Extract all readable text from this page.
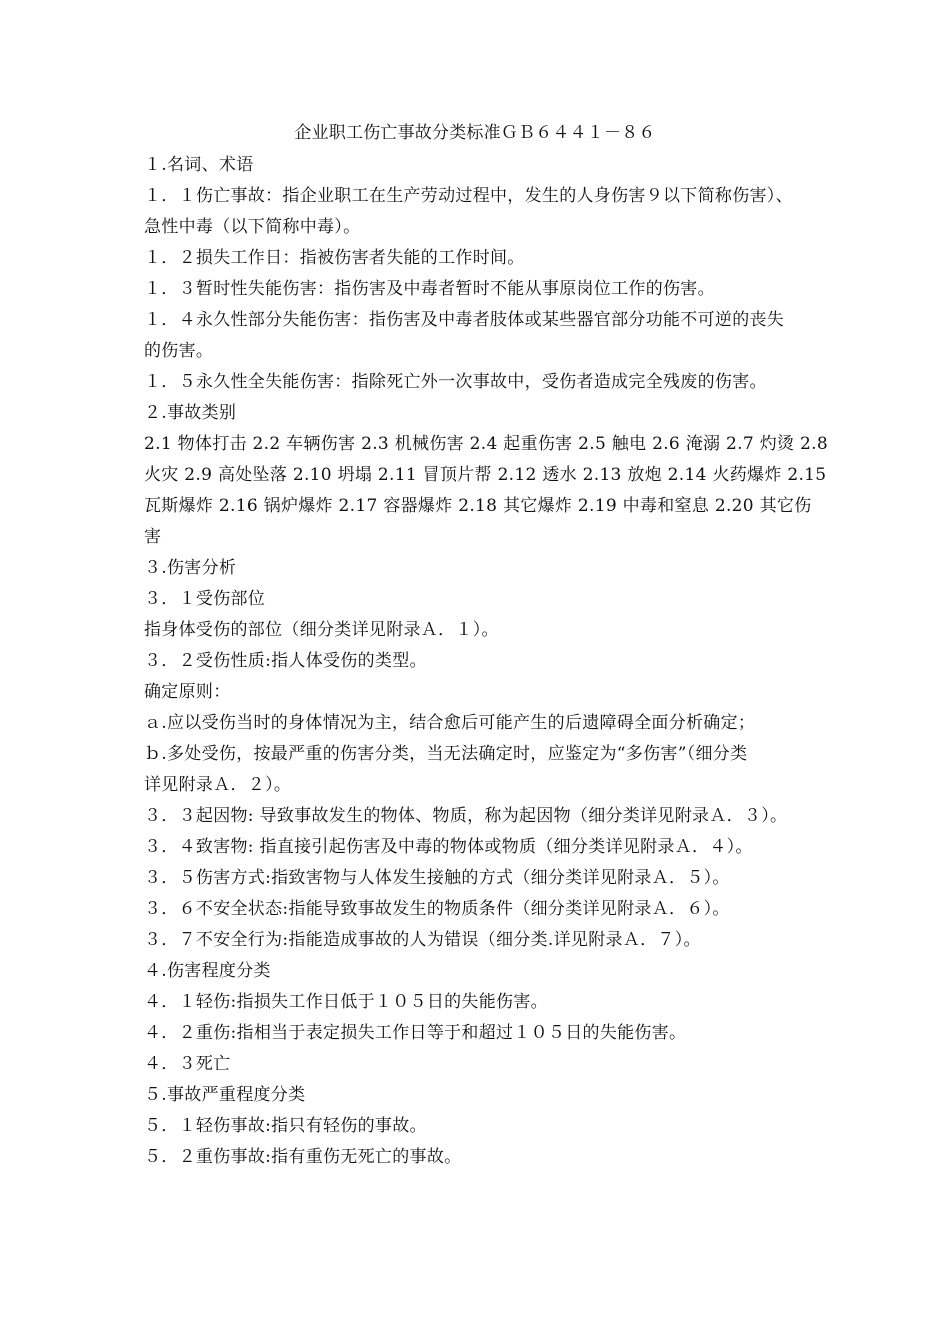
企业职工伤亡事故分类标准ＧＢ６４４１－８６
１.名词、术语
１．１伤亡事故：指企业职工在生产劳动过程中，发生的人身伤害９以下简称伤害）、
急性中毒（以下简称中毒）。
１．２损失工作日：指被伤害者失能的工作时间。
１．３暂时性失能伤害：指伤害及中毒者暂时不能从事原岗位工作的伤害。
１．４永久性部分失能伤害：指伤害及中毒者肢体或某些器官部分功能不可逆的丧失
的伤害。
１．５永久性全失能伤害：指除死亡外一次事故中，受伤者造成完全残废的伤害。
２.事故类别
2.1 物体打击 2.2 车辆伤害 2.3 机械伤害 2.4 起重伤害 2.5 触电 2.6 淹溺 2.7 灼烫 2.8
火灾 2.9 高处坠落 2.10 坍塌 2.11 冒顶片帮 2.12 透水 2.13 放炮 2.14 火药爆炸 2.15
瓦斯爆炸 2.16 锅炉爆炸 2.17 容器爆炸 2.18 其它爆炸 2.19 中毒和窒息 2.20 其它伤
害
３.伤害分析
３．１受伤部位
指身体受伤的部位（细分类详见附录Ａ．１）。
３．２受伤性质:指人体受伤的类型。
确定原则：
ａ.应以受伤当时的身体情况为主，结合愈后可能产生的后遗障碍全面分析确定；
ｂ.多处受伤，按最严重的伤害分类，当无法确定时，应鉴定为“多伤害”（细分类
详见附录Ａ．２）。
３．３起因物: 导致事故发生的物体、物质，称为起因物（细分类详见附录Ａ．３）。
３．４致害物: 指直接引起伤害及中毒的物体或物质（细分类详见附录Ａ．４）。
３．５伤害方式:指致害物与人体发生接触的方式（细分类详见附录Ａ．５）。
３．６不安全状态:指能导致事故发生的物质条件（细分类详见附录Ａ．６）。
３．７不安全行为:指能造成事故的人为错误（细分类.详见附录Ａ．７）。
４.伤害程度分类
４．１轻伤:指损失工作日低于１０５日的失能伤害。
４．２重伤:指相当于表定损失工作日等于和超过１０５日的失能伤害。
４．３死亡
５.事故严重程度分类
５．１轻伤事故:指只有轻伤的事故。
５．２重伤事故:指有重伤无死亡的事故。
